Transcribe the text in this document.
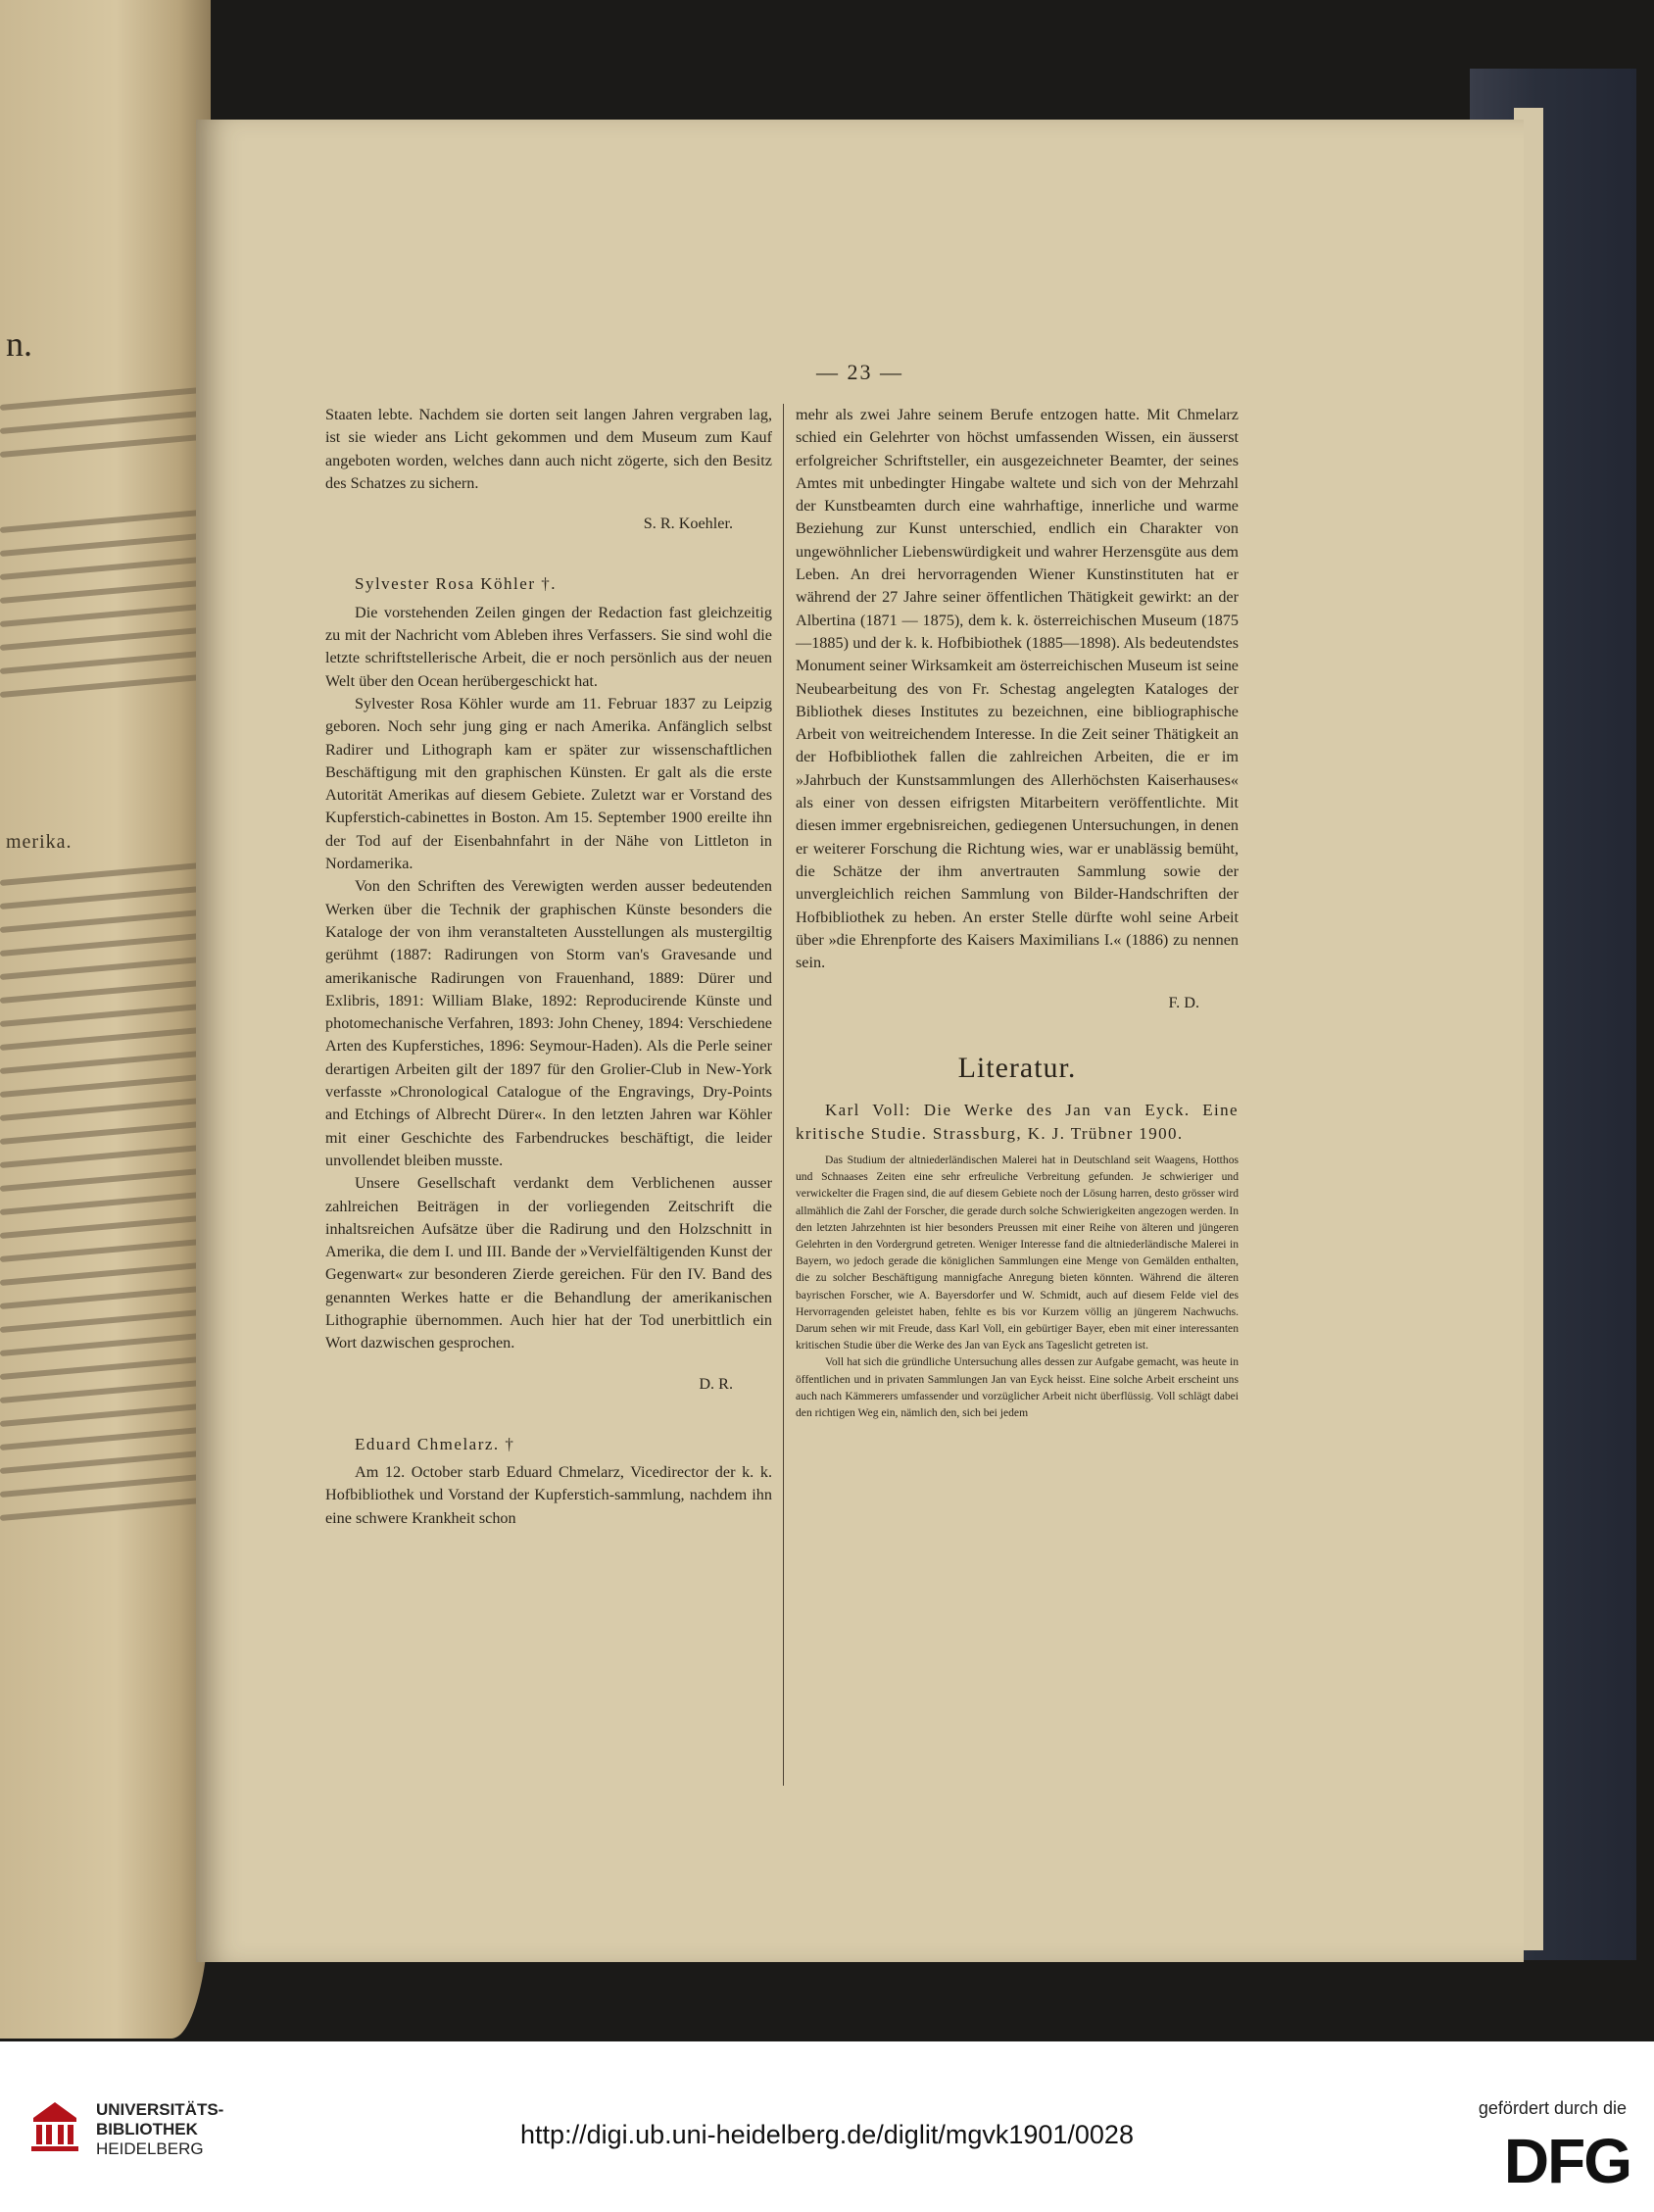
n.
merika.
— 23 —

Staaten lebte. Nachdem sie dorten seit langen Jahren vergraben lag, ist sie wieder ans Licht gekommen und dem Museum zum Kauf angeboten worden, welches dann auch nicht zögerte, sich den Besitz des Schatzes zu sichern.

S. R. Koehler.

Sylvester Rosa Köhler †.

Die vorstehenden Zeilen gingen der Redaction fast gleichzeitig zu mit der Nachricht vom Ableben ihres Verfassers. Sie sind wohl die letzte schriftstellerische Arbeit, die er noch persönlich aus der neuen Welt über den Ocean herübergeschickt hat.

Sylvester Rosa Köhler wurde am 11. Februar 1837 zu Leipzig geboren. Noch sehr jung ging er nach Amerika. Anfänglich selbst Radirer und Lithograph kam er später zur wissenschaftlichen Beschäftigung mit den graphischen Künsten. Er galt als die erste Autorität Amerikas auf diesem Gebiete. Zuletzt war er Vorstand des Kupferstich-cabinettes in Boston. Am 15. September 1900 ereilte ihn der Tod auf der Eisenbahnfahrt in der Nähe von Littleton in Nordamerika.

Von den Schriften des Verewigten werden ausser bedeutenden Werken über die Technik der graphischen Künste besonders die Kataloge der von ihm veranstalteten Ausstellungen als mustergiltig gerühmt (1887: Radirungen von Storm van's Gravesande und amerikanische Radirungen von Frauenhand, 1889: Dürer und Exlibris, 1891: William Blake, 1892: Reproducirende Künste und photomechanische Verfahren, 1893: John Cheney, 1894: Verschiedene Arten des Kupferstiches, 1896: Seymour-Haden). Als die Perle seiner derartigen Arbeiten gilt der 1897 für den Grolier-Club in New-York verfasste »Chronological Catalogue of the Engravings, Dry-Points and Etchings of Albrecht Dürer«. In den letzten Jahren war Köhler mit einer Geschichte des Farbendruckes beschäftigt, die leider unvollendet bleiben musste.

Unsere Gesellschaft verdankt dem Verblichenen ausser zahlreichen Beiträgen in der vorliegenden Zeitschrift die inhaltsreichen Aufsätze über die Radirung und den Holzschnitt in Amerika, die dem I. und III. Bande der »Vervielfältigenden Kunst der Gegenwart« zur besonderen Zierde gereichen. Für den IV. Band des genannten Werkes hatte er die Behandlung der amerikanischen Lithographie übernommen. Auch hier hat der Tod unerbittlich ein Wort dazwischen gesprochen.

D. R.

Eduard Chmelarz. †

Am 12. October starb Eduard Chmelarz, Vicedirector der k. k. Hofbibliothek und Vorstand der Kupferstich-sammlung, nachdem ihn eine schwere Krankheit schon

mehr als zwei Jahre seinem Berufe entzogen hatte. Mit Chmelarz schied ein Gelehrter von höchst umfassenden Wissen, ein äusserst erfolgreicher Schriftsteller, ein ausgezeichneter Beamter, der seines Amtes mit unbedingter Hingabe waltete und sich von der Mehrzahl der Kunstbeamten durch eine wahrhaftige, innerliche und warme Beziehung zur Kunst unterschied, endlich ein Charakter von ungewöhnlicher Liebenswürdigkeit und wahrer Herzensgüte aus dem Leben. An drei hervorragenden Wiener Kunstinstituten hat er während der 27 Jahre seiner öffentlichen Thätigkeit gewirkt: an der Albertina (1871 — 1875), dem k. k. österreichischen Museum (1875—1885) und der k. k. Hofbibiothek (1885—1898). Als bedeutendstes Monument seiner Wirksamkeit am österreichischen Museum ist seine Neubearbeitung des von Fr. Schestag angelegten Kataloges der Bibliothek dieses Institutes zu bezeichnen, eine bibliographische Arbeit von weitreichendem Interesse. In die Zeit seiner Thätigkeit an der Hofbibliothek fallen die zahlreichen Arbeiten, die er im »Jahrbuch der Kunstsammlungen des Allerhöchsten Kaiserhauses« als einer von dessen eifrigsten Mitarbeitern veröffentlichte. Mit diesen immer ergebnisreichen, gediegenen Untersuchungen, in denen er weiterer Forschung die Richtung wies, war er unablässig bemüht, die Schätze der ihm anvertrauten Sammlung sowie der unvergleichlich reichen Sammlung von Bilder-Handschriften der Hofbibliothek zu heben. An erster Stelle dürfte wohl seine Arbeit über »die Ehrenpforte des Kaisers Maximilians I.« (1886) zu nennen sein.

F. D.

Literatur.

Karl Voll: Die Werke des Jan van Eyck. Eine kritische Studie. Strassburg, K. J. Trübner 1900.

Das Studium der altniederländischen Malerei hat in Deutschland seit Waagens, Hotthos und Schnaases Zeiten eine sehr erfreuliche Verbreitung gefunden. Je schwieriger und verwickelter die Fragen sind, die auf diesem Gebiete noch der Lösung harren, desto grösser wird allmählich die Zahl der Forscher, die gerade durch solche Schwierigkeiten angezogen werden. In den letzten Jahrzehnten ist hier besonders Preussen mit einer Reihe von älteren und jüngeren Gelehrten in den Vordergrund getreten. Weniger Interesse fand die altniederländische Malerei in Bayern, wo jedoch gerade die königlichen Sammlungen eine Menge von Gemälden enthalten, die zu solcher Beschäftigung mannigfache Anregung bieten könnten. Während die älteren bayrischen Forscher, wie A. Bayersdorfer und W. Schmidt, auch auf diesem Felde viel des Hervorragenden geleistet haben, fehlte es bis vor Kurzem völlig an jüngerem Nachwuchs. Darum sehen wir mit Freude, dass Karl Voll, ein gebürtiger Bayer, eben mit einer interessanten kritischen Studie über die Werke des Jan van Eyck ans Tageslicht getreten ist.

Voll hat sich die gründliche Untersuchung alles dessen zur Aufgabe gemacht, was heute in öffentlichen und in privaten Sammlungen Jan van Eyck heisst. Eine solche Arbeit erscheint uns auch nach Kämmerers umfassender und vorzüglicher Arbeit nicht überflüssig. Voll schlägt dabei den richtigen Weg ein, nämlich den, sich bei jedem

UNIVERSITÄTS-
BIBLIOTHEK
HEIDELBERG	http://digi.ub.uni-heidelberg.de/diglit/mgvk1901/0028
gefördert durch die
DFG
